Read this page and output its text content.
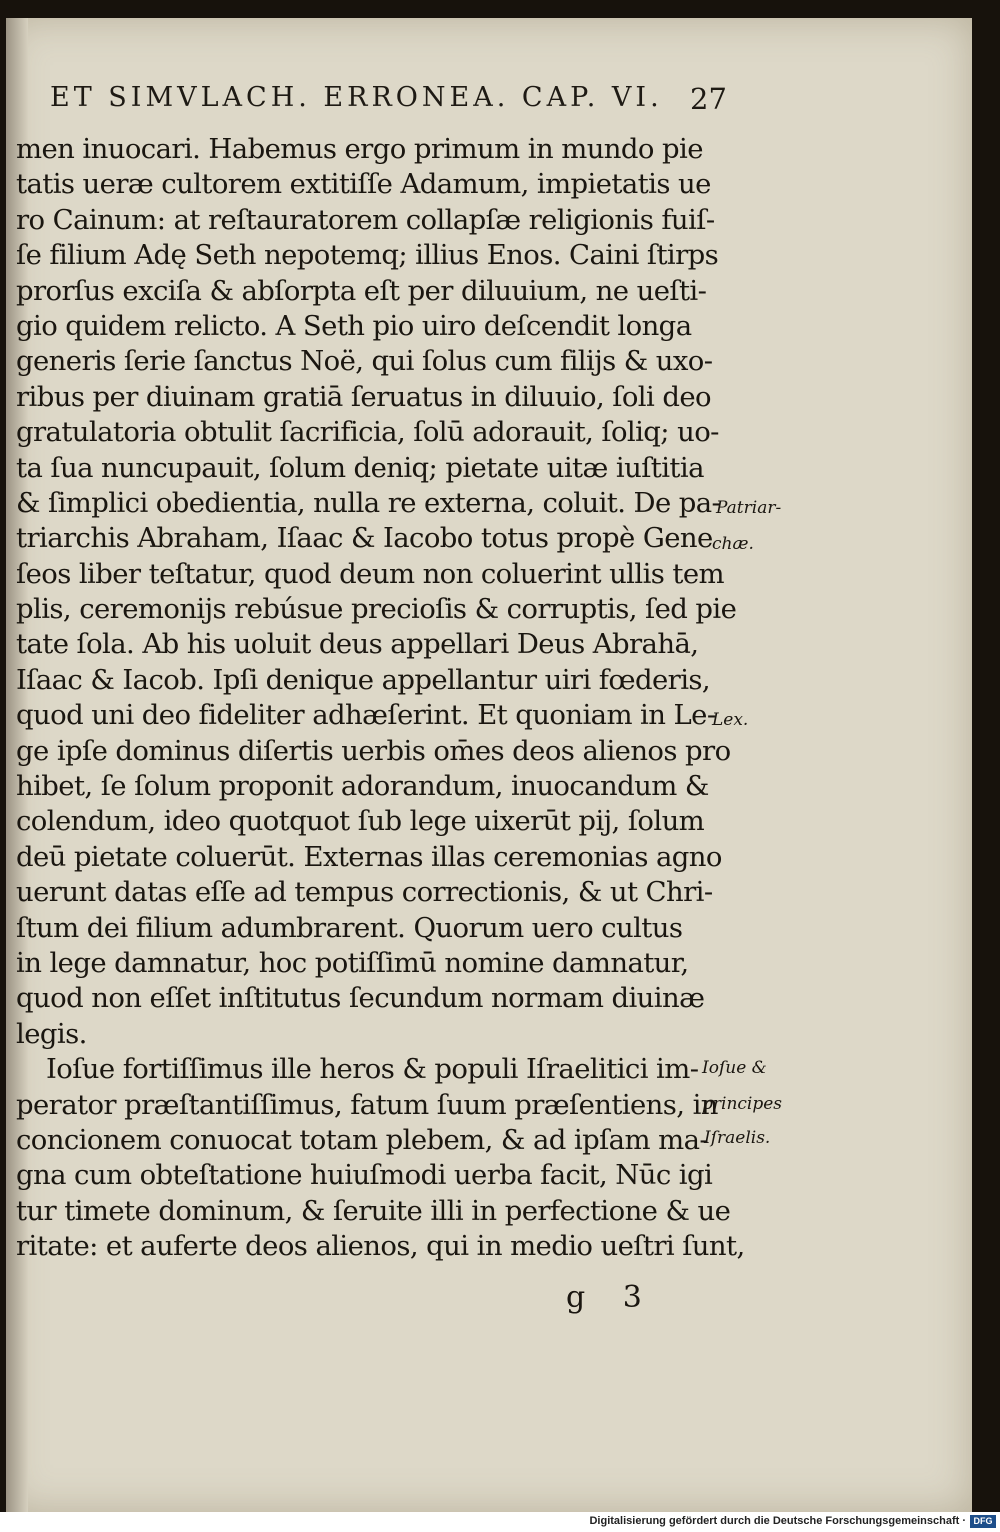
ET SIMVLACH. ERRONEA. CAP. VI. 27
men inuocari. Habemus ergo primum in mundo pie
tatis ueræ cultorem extitiſſe Adamum, impietatis ue
ro Cainum: at reſtauratorem collapſæ religionis fuiſ-
ſe filium Adę Seth nepotemq; illius Enos. Caini ſtirps
prorſus exciſa & abſorpta eſt per diluuium, ne ueſti-
gio quidem relicto. A Seth pio uiro deſcendit longa
generis ſerie ſanctus Noë, qui ſolus cum filijs & uxo-
ribus per diuinam gratiā ſeruatus in diluuio, ſoli deo
gratulatoria obtulit ſacrificia, ſolū adorauit, ſoliq; uo-
ta ſua nuncupauit, ſolum deniq; pietate uitæ iuſtitia
& ſimplici obedientia, nulla re externa, coluit. De pa-
triarchis Abraham, Iſaac & Iacobo totus propè Gene
ſeos liber teſtatur, quod deum non coluerint ullis tem
plis, ceremonijs rebúsue precioſis & corruptis, ſed pie
tate ſola. Ab his uoluit deus appellari Deus Abrahā,
Iſaac & Iacob. Ipſi denique appellantur uiri fœderis,
quod uni deo fideliter adhæſerint. Et quoniam in Le-
ge ipſe dominus diſertis uerbis om̄es deos alienos pro
hibet, ſe ſolum proponit adorandum, inuocandum &
colendum, ideo quotquot ſub lege uixerūt pij, ſolum
deū pietate coluerūt. Externas illas ceremonias agno
uerunt datas eſſe ad tempus correctionis, & ut Chri-
ſtum dei filium adumbrarent. Quorum uero cultus
in lege damnatur, hoc potiſſimū nomine damnatur,
quod non eſſet inſtitutus ſecundum normam diuinæ
legis.
Ioſue fortiſſimus ille heros & populi Iſraelitici im-
perator præſtantiſſimus, fatum ſuum præſentiens, in
concionem conuocat totam plebem, & ad ipſam ma-
gna cum obteſtatione huiuſmodi uerba facit, Nūc igi
tur timete dominum, & ſeruite illi in perfectione & ue
ritate: et auferte deos alienos, qui in medio ueſtri ſunt,
Patriar-
chæ.
Lex.
Ioſue &
principes
Iſraelis.
g 3
Digitalisierung gefördert durch die Deutsche Forschungsgemeinschaft · DFG
